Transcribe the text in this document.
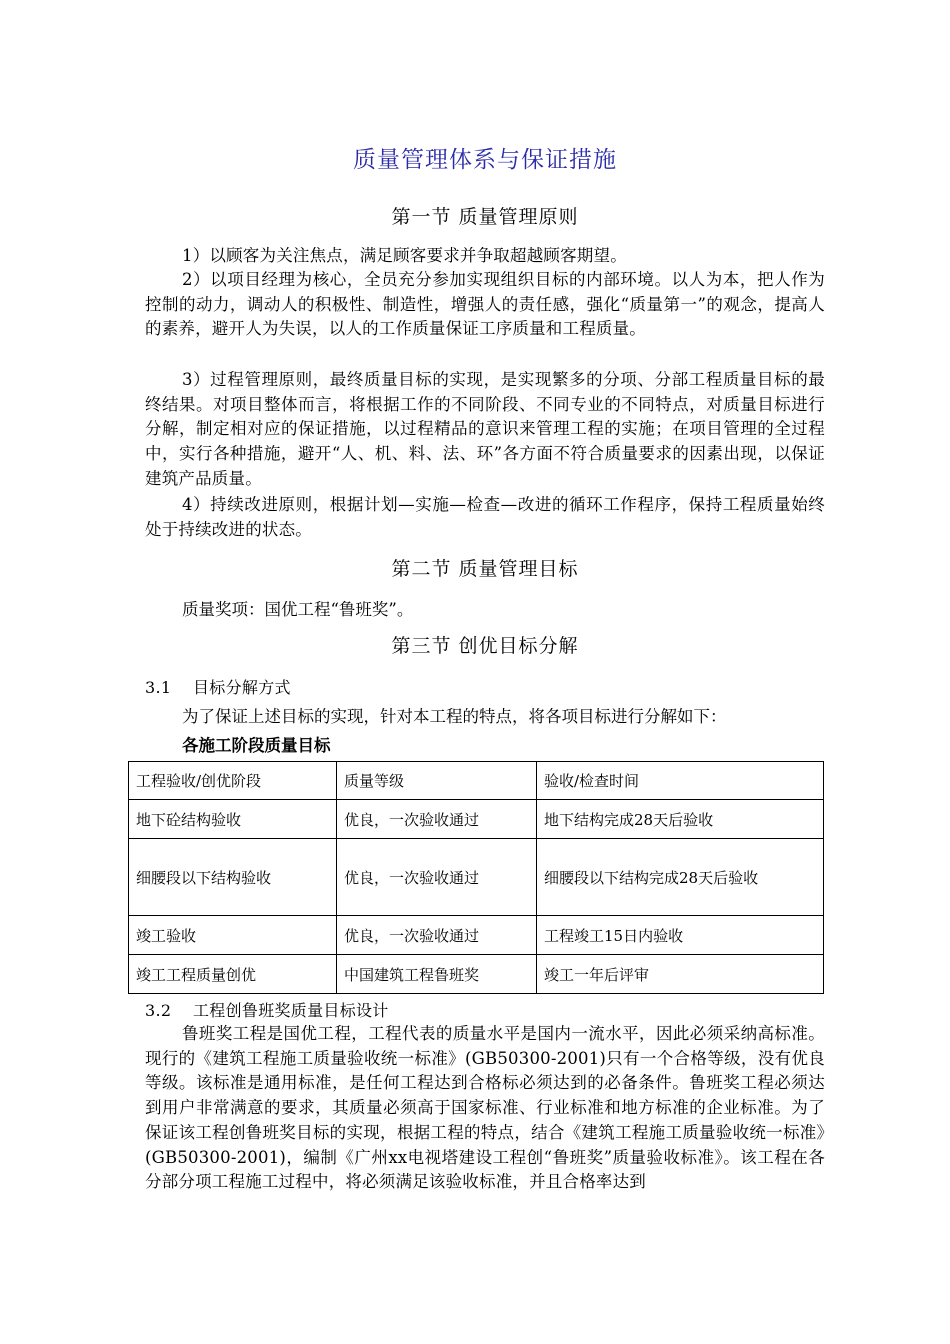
质量管理体系与保证措施
第一节 质量管理原则

1）以顾客为关注焦点，满足顾客要求并争取超越顾客期望。

2）以项目经理为核心，全员充分参加实现组织目标的内部环境。以人为本，把人作为控制的动力，调动人的积极性、制造性，增强人的责任感，强化“质量第一”的观念，提高人的素养，避开人为失误，以人的工作质量保证工序质量和工程质量。

3）过程管理原则，最终质量目标的实现，是实现繁多的分项、分部工程质量目标的最终结果。对项目整体而言，将根据工作的不同阶段、不同专业的不同特点，对质量目标进行分解，制定相对应的保证措施，以过程精品的意识来管理工程的实施；在项目管理的全过程中，实行各种措施，避开“人、机、料、法、环”各方面不符合质量要求的因素出现，以保证建筑产品质量。

4）持续改进原则，根据计划—实施—检查—改进的循环工作程序，保持工程质量始终处于持续改进的状态。

第二节 质量管理目标
质量奖项：国优工程“鲁班奖”。
第三节 创优目标分解
3.1 目标分解方式
为了保证上述目标的实现，针对本工程的特点，将各项目标进行分解如下：
各施工阶段质量目标
工程验收/创优阶段	质量等级	验收/检查时间
地下砼结构验收	优良，一次验收通过	地下结构完成28天后验收
细腰段以下结构验收	优良，一次验收通过	细腰段以下结构完成28天后验收
竣工验收	优良，一次验收通过	工程竣工15日内验收
竣工工程质量创优	中国建筑工程鲁班奖	竣工一年后评审
3.2 工程创鲁班奖质量目标设计

鲁班奖工程是国优工程，工程代表的质量水平是国内一流水平，因此必须采纳高标准。现行的《建筑工程施工质量验收统一标准》(GB50300-2001)只有一个合格等级，没有优良等级。该标准是通用标准，是任何工程达到合格标必须达到的必备条件。鲁班奖工程必须达到用户非常满意的要求，其质量必须高于国家标准、行业标准和地方标准的企业标准。为了保证该工程创鲁班奖目标的实现，根据工程的特点，结合《建筑工程施工质量验收统一标准》(GB50300-2001)，编制《广州xx电视塔建设工程创“鲁班奖”质量验收标准》。该工程在各分部分项工程施工过程中，将必须满足该验收标准，并且合格率达到
